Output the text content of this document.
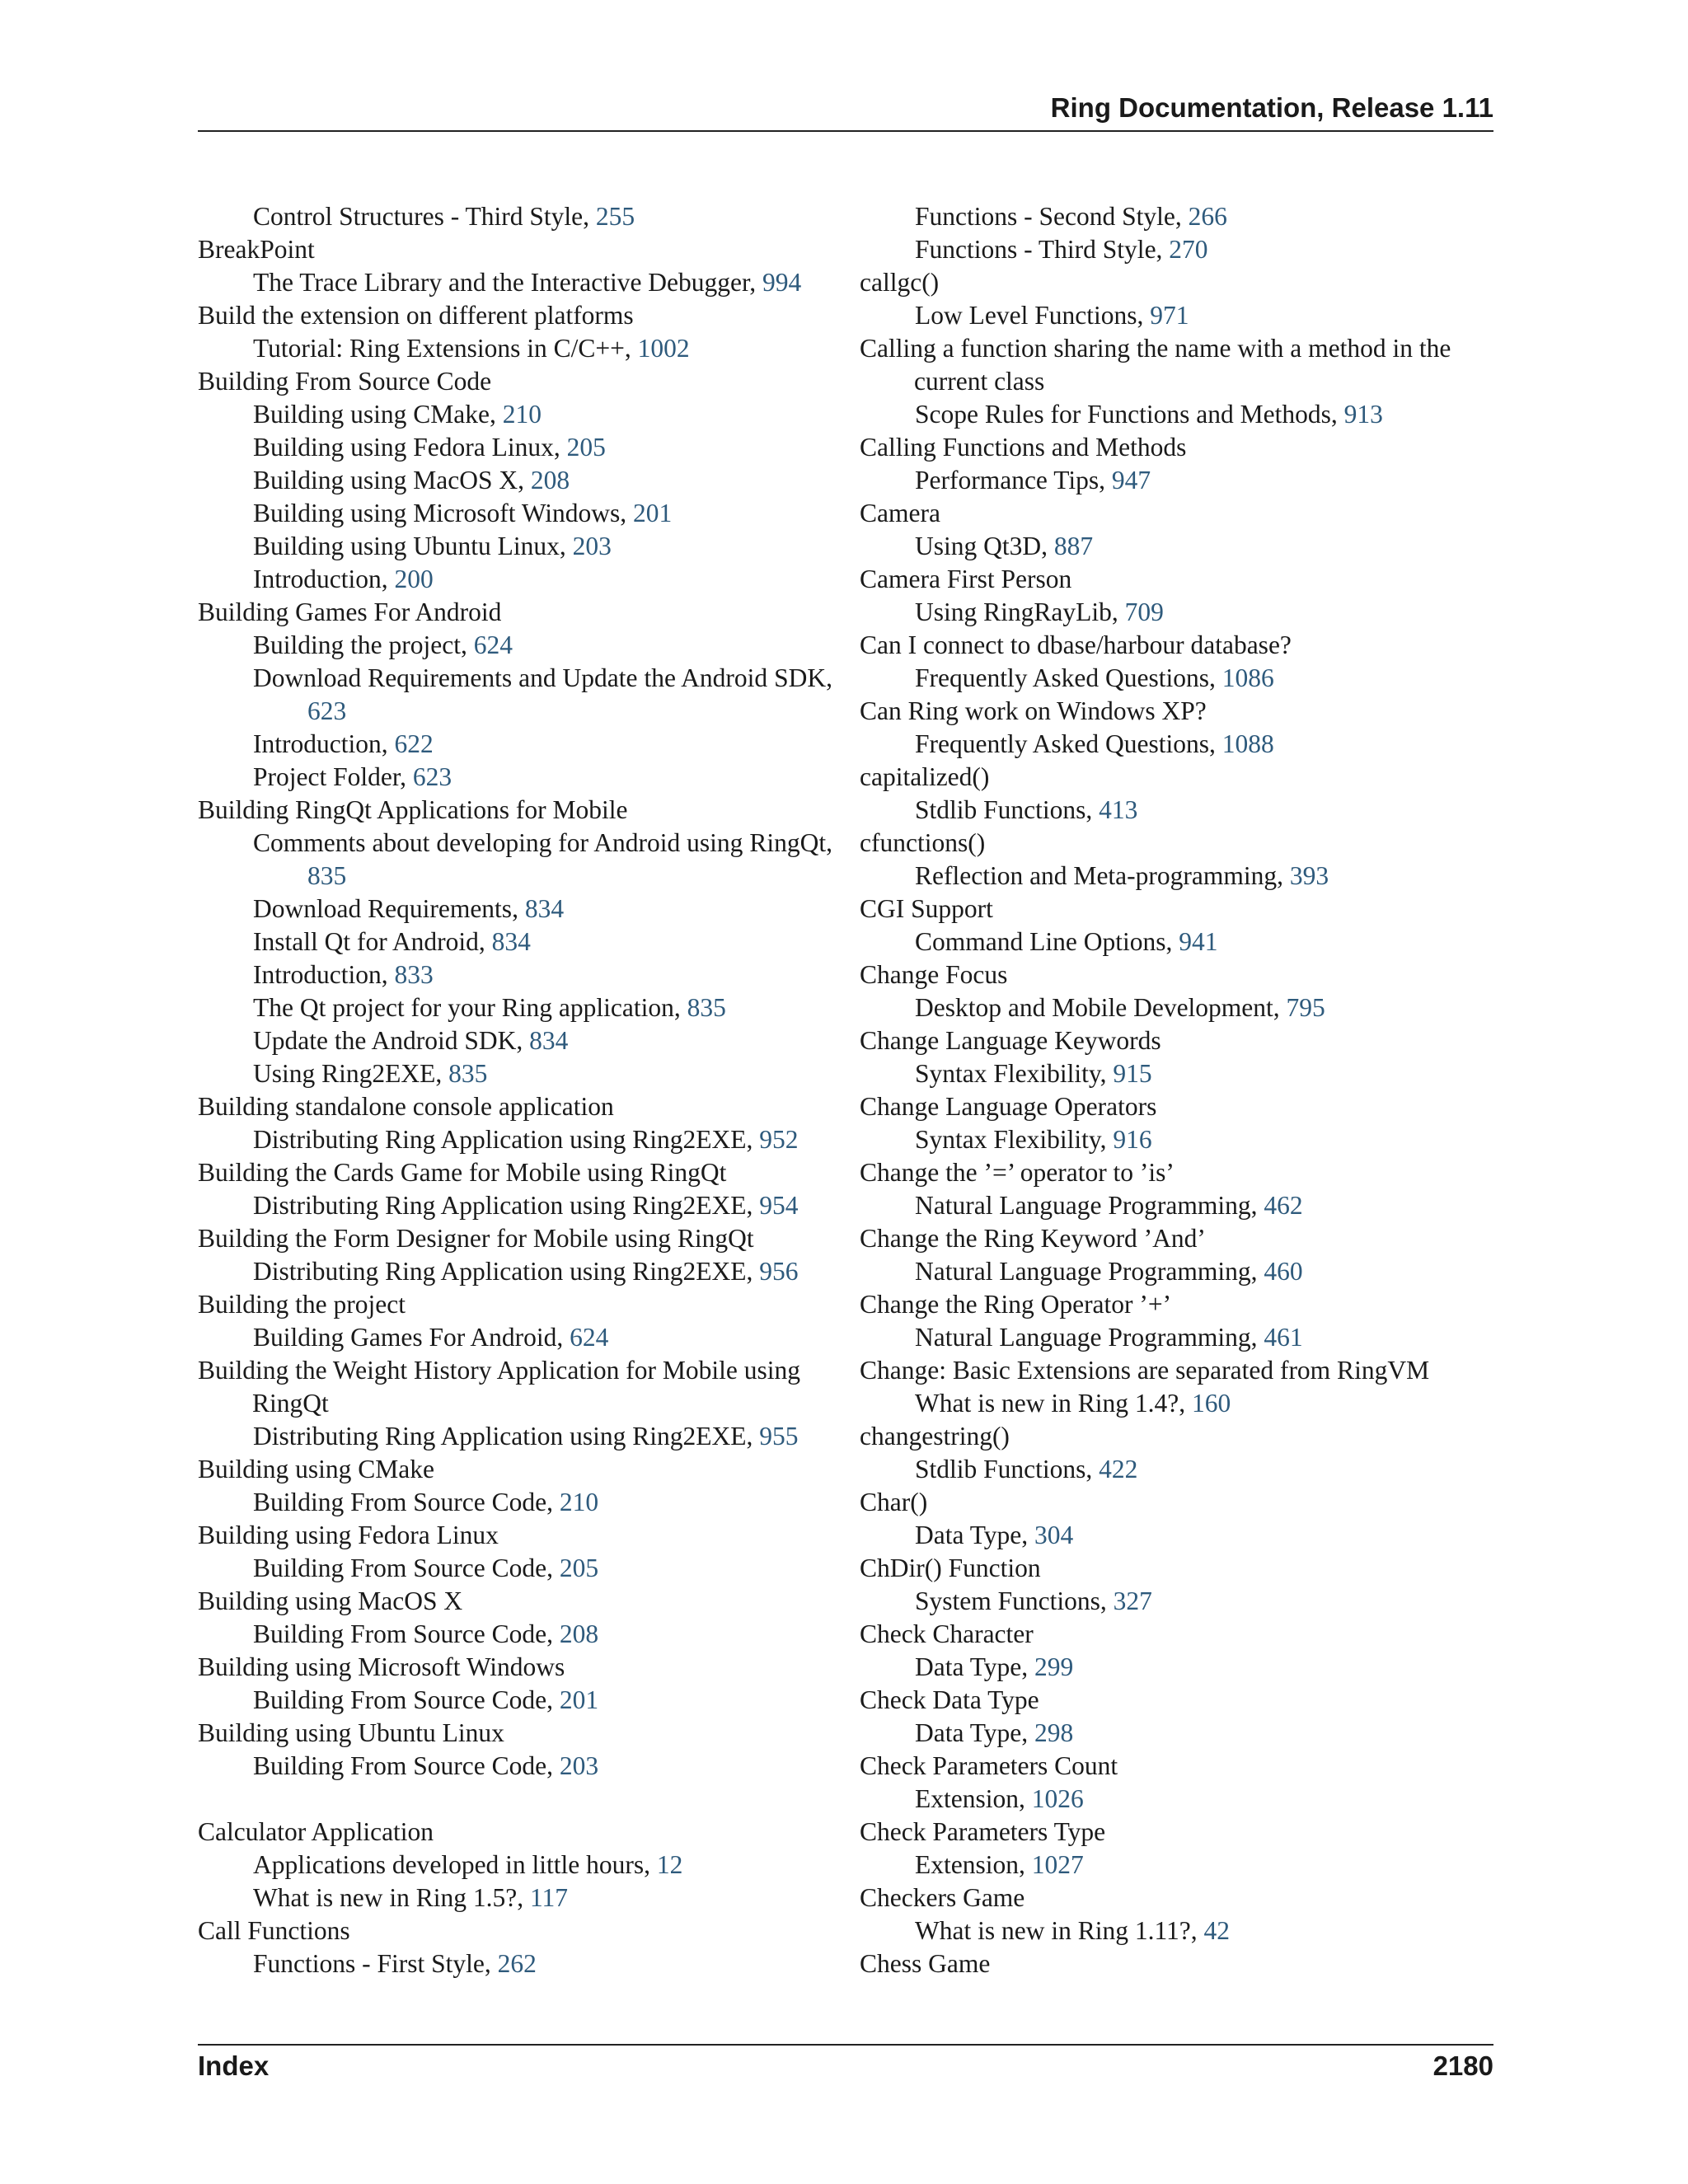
Ring Documentation, Release 1.11

Control Structures - Third Style, 255

BreakPoint

The Trace Library and the Interactive Debugger, 994

Build the extension on different platforms

Tutorial: Ring Extensions in C/C++, 1002

Building From Source Code

Building using CMake, 210

Building using Fedora Linux, 205

Building using MacOS X, 208

Building using Microsoft Windows, 201

Building using Ubuntu Linux, 203

Introduction, 200

Building Games For Android

Building the project, 624

Download Requirements and Update the Android SDK, 623

Introduction, 622

Project Folder, 623

Building RingQt Applications for Mobile

Comments about developing for Android using RingQt, 835

Download Requirements, 834

Install Qt for Android, 834

Introduction, 833

The Qt project for your Ring application, 835

Update the Android SDK, 834

Using Ring2EXE, 835

Building standalone console application

Distributing Ring Application using Ring2EXE, 952

Building the Cards Game for Mobile using RingQt

Distributing Ring Application using Ring2EXE, 954

Building the Form Designer for Mobile using RingQt

Distributing Ring Application using Ring2EXE, 956

Building the project

Building Games For Android, 624

Building the Weight History Application for Mobile using RingQt

Distributing Ring Application using Ring2EXE, 955

Building using CMake

Building From Source Code, 210

Building using Fedora Linux

Building From Source Code, 205

Building using MacOS X

Building From Source Code, 208

Building using Microsoft Windows

Building From Source Code, 201

Building using Ubuntu Linux

Building From Source Code, 203

Calculator Application

Applications developed in little hours, 12

What is new in Ring 1.5?, 117

Call Functions

Functions - First Style, 262

Functions - Second Style, 266

Functions - Third Style, 270

callgc()

Low Level Functions, 971

Calling a function sharing the name with a method in the current class

Scope Rules for Functions and Methods, 913

Calling Functions and Methods

Performance Tips, 947

Camera

Using Qt3D, 887

Camera First Person

Using RingRayLib, 709

Can I connect to dbase/harbour database?

Frequently Asked Questions, 1086

Can Ring work on Windows XP?

Frequently Asked Questions, 1088

capitalized()

Stdlib Functions, 413

cfunctions()

Reflection and Meta-programming, 393

CGI Support

Command Line Options, 941

Change Focus

Desktop and Mobile Development, 795

Change Language Keywords

Syntax Flexibility, 915

Change Language Operators

Syntax Flexibility, 916

Change the ’=’ operator to ’is’

Natural Language Programming, 462

Change the Ring Keyword ’And’

Natural Language Programming, 460

Change the Ring Operator ’+’

Natural Language Programming, 461

Change: Basic Extensions are separated from RingVM

What is new in Ring 1.4?, 160

changestring()

Stdlib Functions, 422

Char()

Data Type, 304

ChDir() Function

System Functions, 327

Check Character

Data Type, 299

Check Data Type

Data Type, 298

Check Parameters Count

Extension, 1026

Check Parameters Type

Extension, 1027

Checkers Game

What is new in Ring 1.11?, 42

Chess Game

Index	2180
